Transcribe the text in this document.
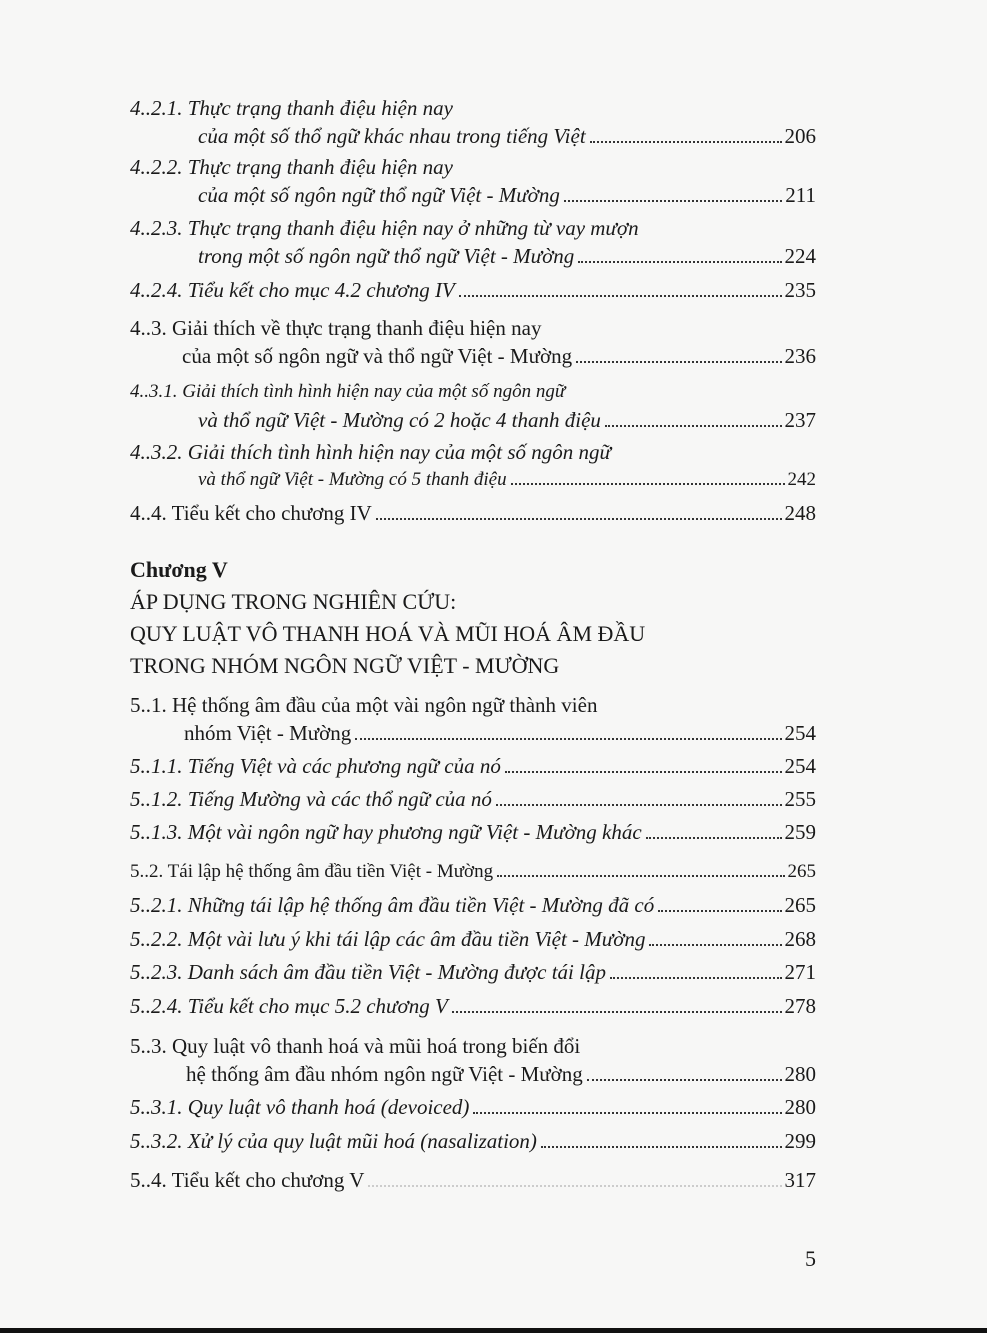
4..2.1. Thực trạng thanh điệu hiện nay
của một số thổ ngữ khác nhau trong tiếng Việt	206
4..2.2. Thực trạng thanh điệu hiện nay
của một số ngôn ngữ thổ ngữ Việt - Mường	211
4..2.3. Thực trạng thanh điệu hiện nay ở những từ vay mượn
trong một số ngôn ngữ thổ ngữ Việt - Mường	224
4..2.4. Tiểu kết cho mục 4.2 chương IV	235
4..3. Giải thích về thực trạng thanh điệu hiện nay
của một số ngôn ngữ và thổ ngữ Việt - Mường	236
4..3.1. Giải thích tình hình hiện nay của một số ngôn ngữ
và thổ ngữ Việt - Mường có 2 hoặc 4 thanh điệu	237
4..3.2. Giải thích tình hình hiện nay của một số ngôn ngữ
và thổ ngữ Việt - Mường có 5 thanh điệu	242
4..4. Tiểu kết cho chương IV	248
Chương V
ÁP DỤNG TRONG NGHIÊN CỨU:
QUY LUẬT VÔ THANH HOÁ VÀ MŨI HOÁ ÂM ĐẦU
TRONG NHÓM NGÔN NGỮ VIỆT - MƯỜNG
5..1. Hệ thống âm đầu của một vài ngôn ngữ thành viên
nhóm Việt - Mường	254
5..1.1. Tiếng Việt và các phương ngữ của nó	254
5..1.2. Tiếng Mường và các thổ ngữ của nó	255
5..1.3. Một vài ngôn ngữ hay phương ngữ Việt - Mường khác	259
5..2. Tái lập hệ thống âm đầu tiền Việt - Mường	265
5..2.1. Những tái lập hệ thống âm đầu tiền Việt - Mường đã có	265
5..2.2. Một vài lưu ý khi tái lập các âm đầu tiền Việt - Mường	268
5..2.3. Danh sách âm đầu tiền Việt - Mường được tái lập	271
5..2.4. Tiểu kết cho mục 5.2 chương V	278
5..3. Quy luật vô thanh hoá và mũi hoá trong biến đổi
hệ thống âm đầu nhóm ngôn ngữ Việt - Mường	280
5..3.1. Quy luật vô thanh hoá (devoiced)	280
5..3.2. Xử lý của quy luật mũi hoá (nasalization)	299
5..4. Tiểu kết cho chương V	317
5
